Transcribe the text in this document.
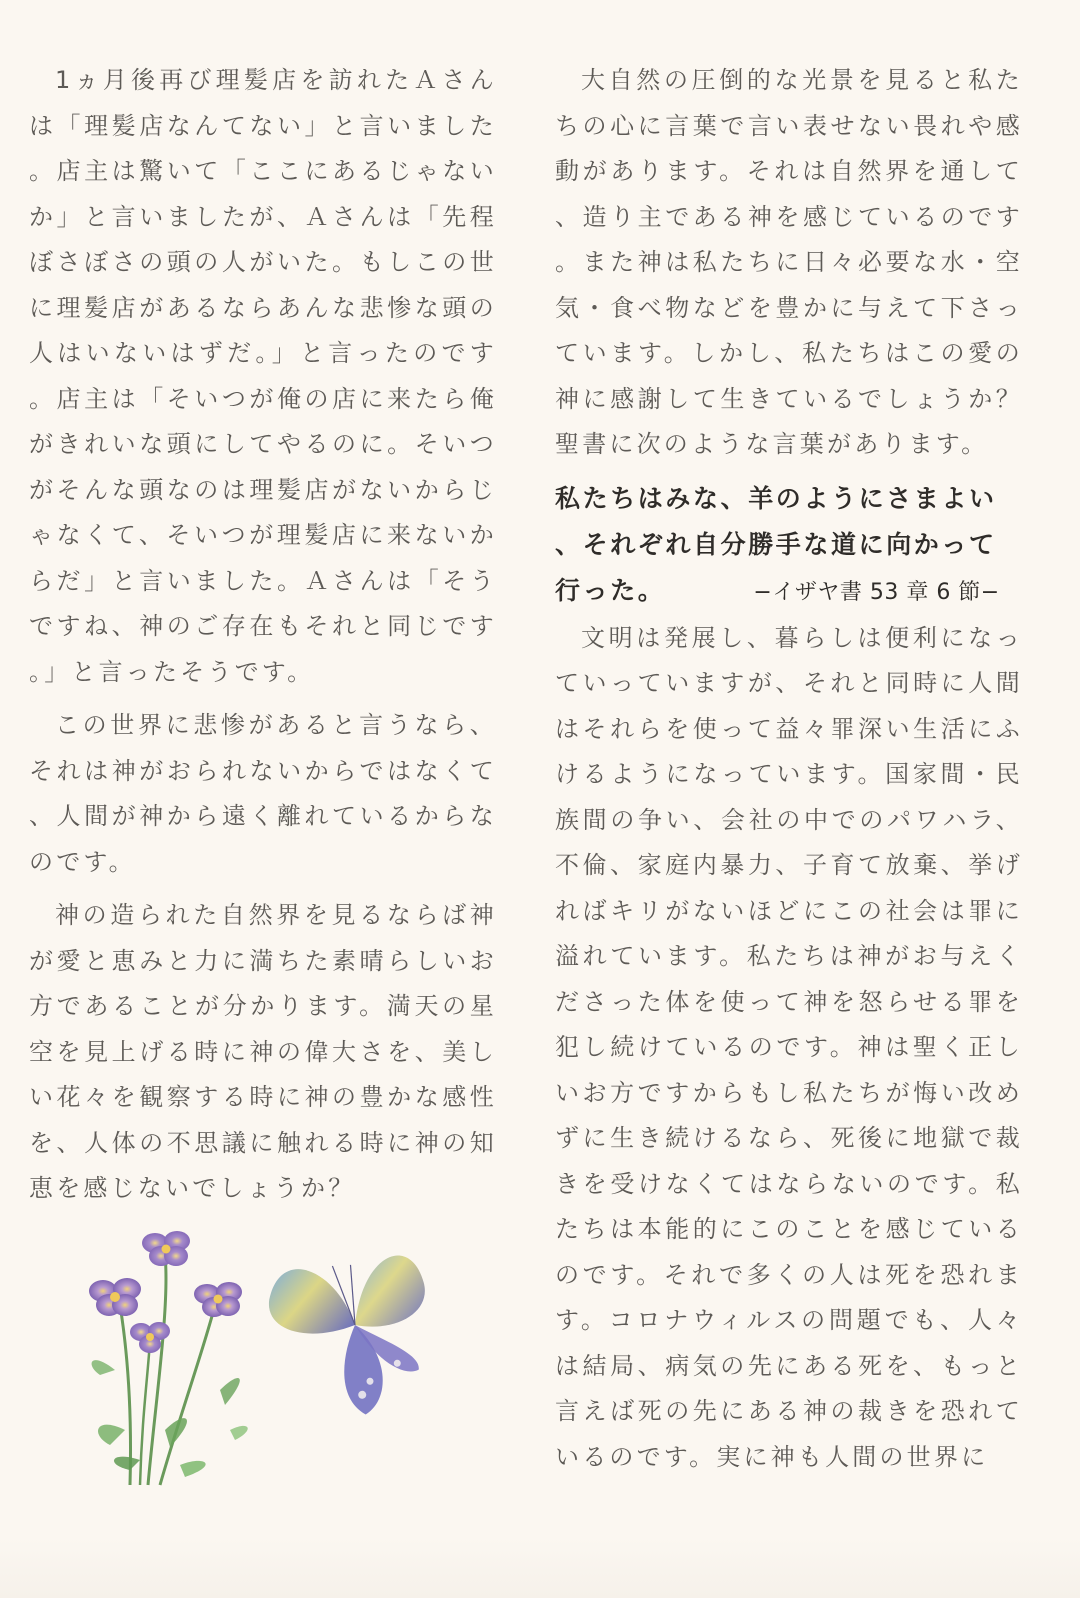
1ヵ月後再び理髪店を訪れたＡさんは「理髪店なんてない」と言いました。店主は驚いて「ここにあるじゃないか」と言いましたが、Ａさんは「先程ぼさぼさの頭の人がいた。もしこの世に理髪店があるならあんな悲惨な頭の人はいないはずだ。」と言ったのです。店主は「そいつが俺の店に来たら俺がきれいな頭にしてやるのに。そいつがそんな頭なのは理髪店がないからじゃなくて、そいつが理髪店に来ないからだ」と言いました。Ａさんは「そうですね、神のご存在もそれと同じです。」と言ったそうです。

この世界に悲惨があると言うなら、それは神がおられないからではなくて、人間が神から遠く離れているからなのです。

神の造られた自然界を見るならば神が愛と恵みと力に満ちた素晴らしいお方であることが分かります。満天の星空を見上げる時に神の偉大さを、美しい花々を観察する時に神の豊かな感性を、人体の不思議に触れる時に神の知恵を感じないでしょうか？

大自然の圧倒的な光景を見ると私たちの心に言葉で言い表せない畏れや感動があります。それは自然界を通して、造り主である神を感じているのです。また神は私たちに日々必要な水・空気・食べ物などを豊かに与えて下さっています。しかし、私たちはこの愛の神に感謝して生きているでしょうか？聖書に次のような言葉があります。

私たちはみな、羊のようにさまよい、それぞれ自分勝手な道に向かって行った。	−イザヤ書 53 章 6 節−

文明は発展し、暮らしは便利になっていっていますが、それと同時に人間はそれらを使って益々罪深い生活にふけるようになっています。国家間・民族間の争い、会社の中でのパワハラ、不倫、家庭内暴力、子育て放棄、挙げればキリがないほどにこの社会は罪に溢れています。私たちは神がお与えくださった体を使って神を怒らせる罪を犯し続けているのです。神は聖く正しいお方ですからもし私たちが悔い改めずに生き続けるなら、死後に地獄で裁きを受けなくてはならないのです。私たちは本能的にこのことを感じているのです。それで多くの人は死を恐れます。コロナウィルスの問題でも、人々は結局、病気の先にある死を、もっと言えば死の先にある神の裁きを恐れているのです。実に神も人間の世界に
